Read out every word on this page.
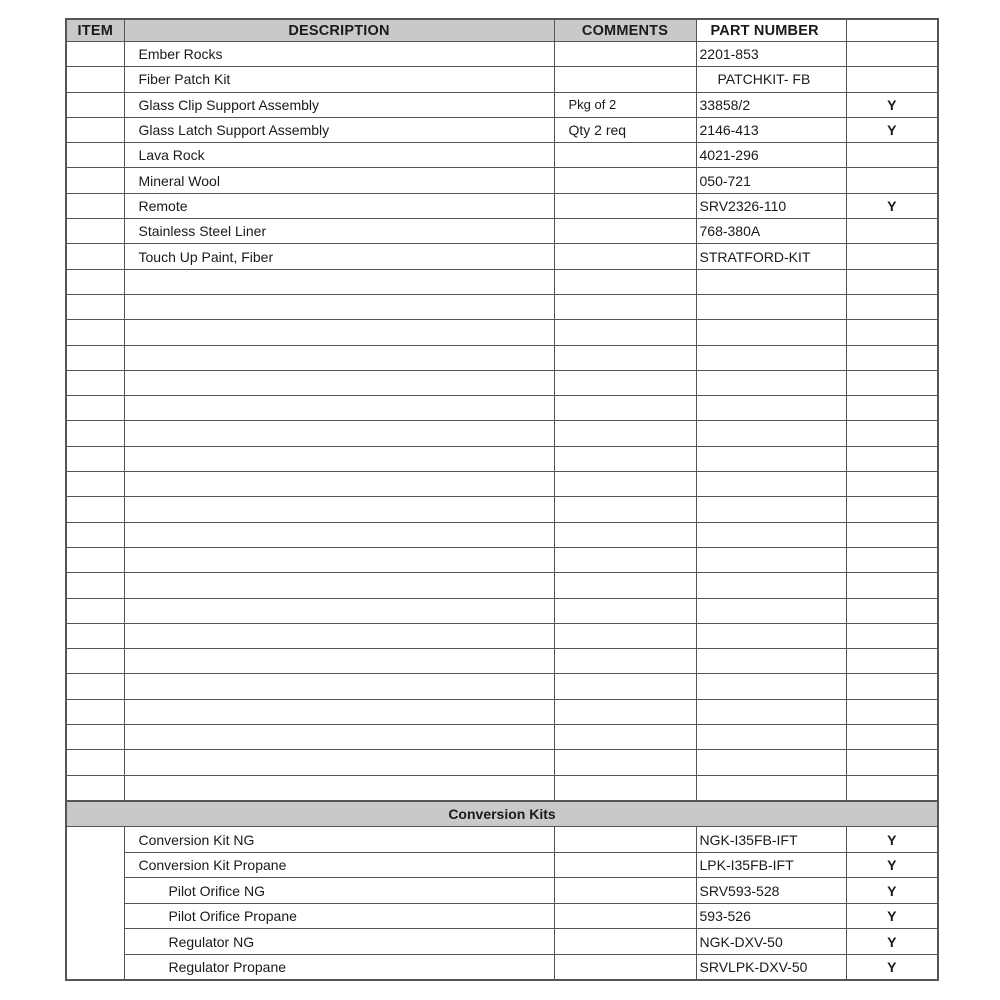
ITEM	DESCRIPTION	COMMENTS	PART NUMBER	
	Ember Rocks		2201-853	
	Fiber Patch Kit		PATCHKIT- FB	
	Glass Clip Support Assembly	Pkg of 2	33858/2	Y
	Glass Latch Support Assembly	Qty 2 req	2146-413	Y
	Lava Rock		4021-296	
	Mineral Wool		050-721	
	Remote		SRV2326-110	Y
	Stainless Steel Liner		768-380A	
	Touch Up Paint, Fiber		STRATFORD-KIT	

Conversion Kits				
	Conversion Kit NG		NGK-I35FB-IFT	Y
	Conversion Kit Propane		LPK-I35FB-IFT	Y
	Pilot Orifice NG		SRV593-528	Y
	Pilot Orifice Propane		593-526	Y
	Regulator NG		NGK-DXV-50	Y
	Regulator Propane		SRVLPK-DXV-50	Y
